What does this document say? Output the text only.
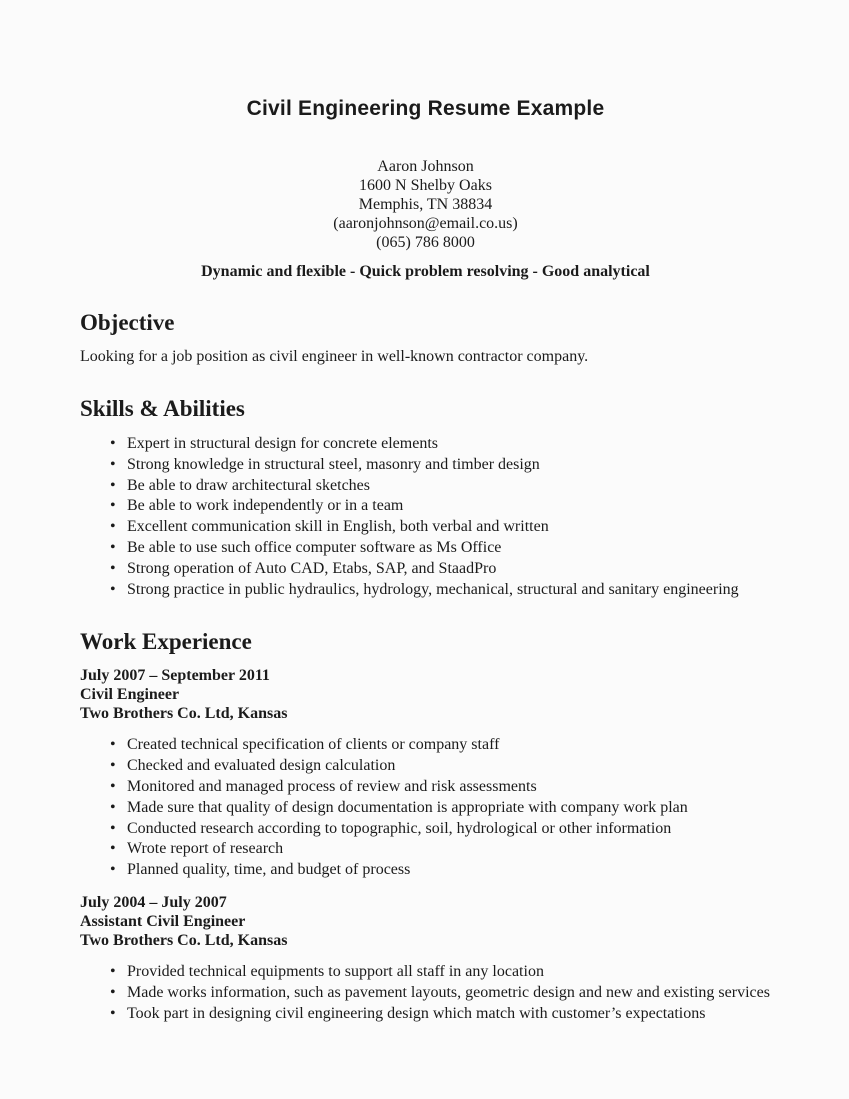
Civil Engineering Resume Example
Aaron Johnson
1600 N Shelby Oaks
Memphis, TN 38834
(aaronjohnson@email.co.us)
(065) 786 8000
Dynamic and flexible - Quick problem resolving - Good analytical
Objective
Looking for a job position as civil engineer in well-known contractor company.
Skills & Abilities
• Expert in structural design for concrete elements
• Strong knowledge in structural steel, masonry and timber design
• Be able to draw architectural sketches
• Be able to work independently or in a team
• Excellent communication skill in English, both verbal and written
• Be able to use such office computer software as Ms Office
• Strong operation of Auto CAD, Etabs, SAP, and StaadPro
• Strong practice in public hydraulics, hydrology, mechanical, structural and sanitary engineering
Work Experience
July 2007 – September 2011
Civil Engineer
Two Brothers Co. Ltd, Kansas
• Created technical specification of clients or company staff
• Checked and evaluated design calculation
• Monitored and managed process of review and risk assessments
• Made sure that quality of design documentation is appropriate with company work plan
• Conducted research according to topographic, soil, hydrological or other information
• Wrote report of research
• Planned quality, time, and budget of process
July 2004 – July 2007
Assistant Civil Engineer
Two Brothers Co. Ltd, Kansas
• Provided technical equipments to support all staff in any location
• Made works information, such as pavement layouts, geometric design and new and existing services
• Took part in designing civil engineering design which match with customer’s expectations
